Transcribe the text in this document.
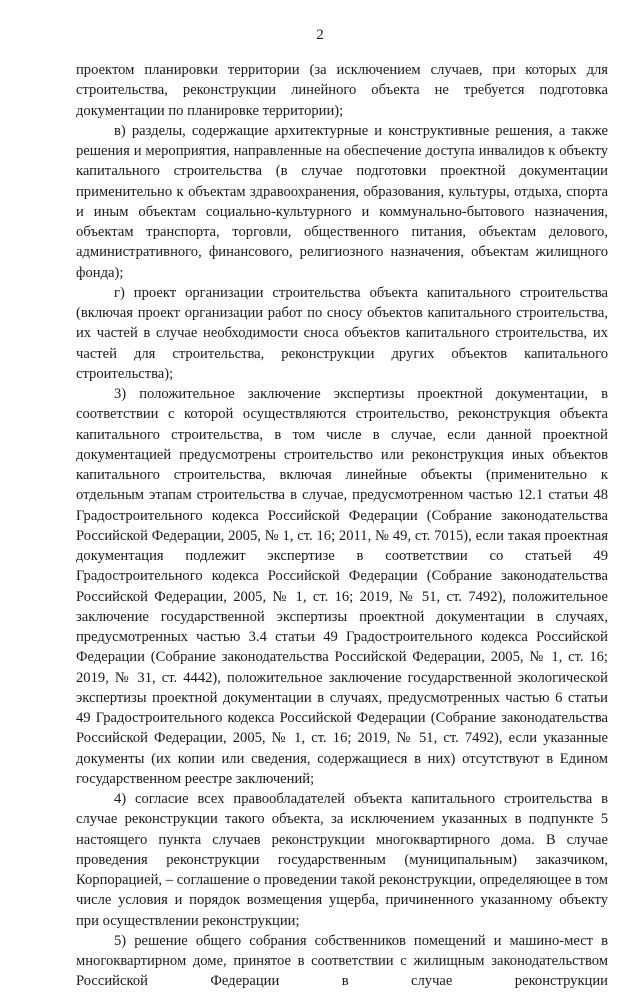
2

проектом планировки территории (за исключением случаев, при которых для строительства, реконструкции линейного объекта не требуется подготовка документации по планировке территории);

в) разделы, содержащие архитектурные и конструктивные решения, а также решения и мероприятия, направленные на обеспечение доступа инвалидов к объекту капитального строительства (в случае подготовки проектной документации применительно к объектам здравоохранения, образования, культуры, отдыха, спорта и иным объектам социально-культурного и коммунально-бытового назначения, объектам транспорта, торговли, общественного питания, объектам делового, административного, финансового, религиозного назначения, объектам жилищного фонда);

г) проект организации строительства объекта капитального строительства (включая проект организации работ по сносу объектов капитального строительства, их частей в случае необходимости сноса объектов капитального строительства, их частей для строительства, реконструкции других объектов капитального строительства);

3) положительное заключение экспертизы проектной документации, в соответствии с которой осуществляются строительство, реконструкция объекта капитального строительства, в том числе в случае, если данной проектной документацией предусмотрены строительство или реконструкция иных объектов капитального строительства, включая линейные объекты (применительно к отдельным этапам строительства в случае, предусмотренном частью 12.1 статьи 48 Градостроительного кодекса Российской Федерации (Собрание законодательства Российской Федерации, 2005, № 1, ст. 16; 2011, № 49, ст. 7015), если такая проектная документация подлежит экспертизе в соответствии со статьей 49 Градостроительного кодекса Российской Федерации (Собрание законодательства Российской Федерации, 2005, № 1, ст. 16; 2019, № 51, ст. 7492), положительное заключение государственной экспертизы проектной документации в случаях, предусмотренных частью 3.4 статьи 49 Градостроительного кодекса Российской Федерации (Собрание законодательства Российской Федерации, 2005, № 1, ст. 16; 2019, № 31, ст. 4442), положительное заключение государственной экологической экспертизы проектной документации в случаях, предусмотренных частью 6 статьи 49 Градостроительного кодекса Российской Федерации (Собрание законодательства Российской Федерации, 2005, № 1, ст. 16; 2019, № 51, ст. 7492), если указанные документы (их копии или сведения, содержащиеся в них) отсутствуют в Едином государственном реестре заключений;

4) согласие всех правообладателей объекта капитального строительства в случае реконструкции такого объекта, за исключением указанных в подпункте 5 настоящего пункта случаев реконструкции многоквартирного дома. В случае проведения реконструкции государственным (муниципальным) заказчиком, Корпорацией, – соглашение о проведении такой реконструкции, определяющее в том числе условия и порядок возмещения ущерба, причиненного указанному объекту при осуществлении реконструкции;

5) решение общего собрания собственников помещений и машино-мест в многоквартирном доме, принятое в соответствии с жилищным законодательством Российской Федерации в случае реконструкции
